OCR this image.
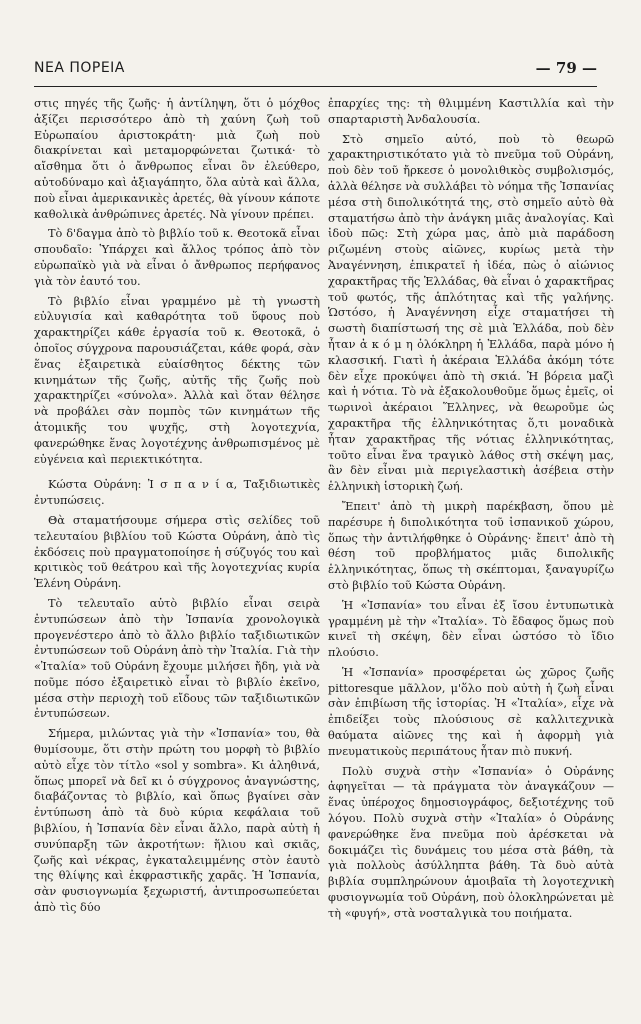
ΝΕΑ ΠΟΡΕΙΑ	— 79 —

στις πηγές τῆς ζωῆς· ἡ ἀντίληψη, ὅτι ὁ μόχθος ἀξίζει περισσότερο ἀπὸ τὴ χαύνη ζωὴ τοῦ Εὐρωπαίου ἀριστοκράτη· μιὰ ζωὴ ποὺ διακρίνεται καὶ μεταμορφώνεται ζωτικά· τὸ αἴσθημα ὅτι ὁ ἄνθρωπος εἶναι ὃν ἐλεύθερο, αὐτοδύναμο καὶ ἀξιαγάπητο, ὅλα αὐτὰ καὶ ἄλλα, ποὺ εἶναι ἀμερικανικὲς ἀρετές, θὰ γίνουν κάποτε καθολικὰ ἀνθρώπινες ἀρετές. Νὰ γίνουν πρέπει.

Τὸ δ'δαγμα ἀπὸ τὸ βιβλίο τοῦ κ. Θεοτοκᾶ εἶναι σπουδαῖο: Ὑπάρχει καὶ ἄλλος τρόπος ἀπὸ τὸν εὐρωπαϊκὸ γιὰ νὰ εἶναι ὁ ἄνθρωπος περήφανος γιὰ τὸν ἑαυτό του.

Τὸ βιβλίο εἶναι γραμμένο μὲ τὴ γνωστὴ εὐλυγισία καὶ καθαρότητα τοῦ ὕφους ποὺ χαρακτηρίζει κάθε ἐργασία τοῦ κ. Θεοτοκᾶ, ὁ ὁποῖος σύγχρονα παρουσιάζεται, κάθε φορά, σὰν ἕνας ἐξαιρετικὰ εὐαίσθητος δέκτης τῶν κινημάτων τῆς ζωῆς, αὐτῆς τῆς ζωῆς ποὺ χαρακτηρίζει «σύνολα». Ἀλλὰ καὶ ὅταν θέλησε νὰ προβάλει σὰν πομπὸς τῶν κινημάτων τῆς ἀτομικῆς του ψυχῆς, στὴ λογοτεχνία, φανερώθηκε ἕνας λογοτέχνης ἀνθρωπισμένος μὲ εὐγένεια καὶ περιεκτικότητα.

Κώστα Οὐράνη: Ἰ σ π α ν ί α, Ταξιδιωτικὲς ἐντυπώσεις.

Θὰ σταματήσουμε σήμερα στὶς σελίδες τοῦ τελευταίου βιβλίου τοῦ Κώστα Οὐράνη, ἀπὸ τὶς ἐκδόσεις ποὺ πραγματοποίησε ἡ σύζυγός του καὶ κριτικὸς τοῦ θεάτρου καὶ τῆς λογοτεχνίας κυρία Ἑλένη Οὐράνη.

Τὸ τελευταῖο αὐτὸ βιβλίο εἶναι σειρὰ ἐντυπώσεων ἀπὸ τὴν Ἰσπανία χρονολογικὰ προγενέστερο ἀπὸ τὸ ἄλλο βιβλίο ταξιδιωτικῶν ἐντυπώσεων τοῦ Οὐράνη ἀπὸ τὴν Ἰταλία. Γιὰ τὴν «Ἰταλία» τοῦ Οὐράνη ἔχουμε μιλήσει ἤδη, γιὰ νὰ ποῦμε πόσο ἐξαιρετικὸ εἶναι τὸ βιβλίο ἐκεῖνο, μέσα στὴν περιοχὴ τοῦ εἴδους τῶν ταξιδιωτικῶν ἐντυπώσεων.

Σήμερα, μιλώντας γιὰ τὴν «Ἰσπανία» του, θὰ θυμίσουμε, ὅτι στὴν πρώτη του μορφὴ τὸ βιβλίο αὐτὸ εἶχε τὸν τίτλο «sol y sombra». Κι ἀληθινά, ὅπως μπορεῖ νὰ δεῖ κι ὁ σύγχρονος ἀναγνώστης, διαβάζοντας τὸ βιβλίο, καὶ ὅπως βγαίνει σὰν ἐντύπωση ἀπὸ τὰ δυὸ κύρια κεφάλαια τοῦ βιβλίου, ἡ Ἰσπανία δὲν εἶναι ἄλλο, παρὰ αὐτὴ ἡ συνύπαρξη τῶν ἀκροτήτων: ἥλιου καὶ σκιᾶς, ζωῆς καὶ νέκρας, ἐγκαταλειμμένης στὸν ἑαυτὸ της θλίψης καὶ ἐκφραστικῆς χαρᾶς. Ἡ Ἰσπανία, σὰν φυσιογνωμία ξεχωριστή, ἀντιπροσωπεύεται ἀπὸ τὶς δύο

ἐπαρχίες της: τὴ θλιμμένη Καστιλλία καὶ τὴν σπαρταριστὴ Ἀνδαλουσία.

Στὸ σημεῖο αὐτό, ποὺ τὸ θεωρῶ χαρακτηριστικότατο γιὰ τὸ πνεῦμα τοῦ Οὐράνη, ποὺ δὲν τοῦ ἤρκεσε ὁ μονολιθικὸς συμβολισμός, ἀλλὰ θέλησε νὰ συλλάβει τὸ νόημα τῆς Ἰσπανίας μέσα στὴ διπολικότητά της, στὸ σημεῖο αὐτὸ θὰ σταματήσω ἀπὸ τὴν ἀνάγκη μιᾶς ἀναλογίας. Καὶ ἰδοὺ πῶς: Στὴ χώρα μας, ἀπὸ μιὰ παράδοση ριζωμένη στοὺς αἰῶνες, κυρίως μετὰ τὴν Ἀναγέννηση, ἐπικρατεῖ ἡ ἰδέα, πὼς ὁ αἰώνιος χαρακτῆρας τῆς Ἑλλάδας, θὰ εἶναι ὁ χαρακτῆρας τοῦ φωτός, τῆς ἁπλότητας καὶ τῆς γαλήνης. Ὡστόσο, ἡ Ἀναγέννηση εἶχε σταματήσει τὴ σωστὴ διαπίστωσή της σὲ μιὰ Ἑλλάδα, ποὺ δὲν ἦταν ἀ κ ό μ η ὁλόκληρη ἡ Ἑλλάδα, παρὰ μόνο ἡ κλασσική. Γιατὶ ἡ ἀκέραια Ἑλλάδα ἀκόμη τότε δὲν εἶχε προκύψει ἀπὸ τὴ σκιά. Ἡ βόρεια μαζὶ καὶ ἡ νότια. Τὸ νὰ ἐξακολουθοῦμε ὅμως ἐμεῖς, οἱ τωρινοὶ ἀκέραιοι Ἕλληνες, νὰ θεωροῦμε ὡς χαρακτῆρα τῆς ἑλληνικότητας ὅ,τι μοναδικὰ ἦταν χαρακτῆρας τῆς νότιας ἑλληνικότητας, τοῦτο εἶναι ἕνα τραγικὸ λάθος στὴ σκέψη μας, ἂν δὲν εἶναι μιὰ περιγελαστικὴ ἀσέβεια στὴν ἑλληνικὴ ἱστορικὴ ζωή.

Ἔπειτ' ἀπὸ τὴ μικρὴ παρέκβαση, ὅπου μὲ παρέσυρε ἡ διπολικότητα τοῦ ἰσπανικοῦ χώρου, ὅπως τὴν ἀντιλήφθηκε ὁ Οὐράνης· ἔπειτ' ἀπὸ τὴ θέση τοῦ προβλήματος μιᾶς διπολικῆς ἑλληνικότητας, ὅπως τὴ σκέπτομαι, ξαναγυρίζω στὸ βιβλίο τοῦ Κώστα Οὐράνη.

Ἡ «Ἰσπανία» του εἶναι ἐξ ἴσου ἐντυπωτικὰ γραμμένη μὲ τὴν «Ἰταλία». Τὸ ἔδαφος ὅμως ποὺ κινεῖ τὴ σκέψη, δὲν εἶναι ὡστόσο τὸ ἴδιο πλούσιο.

Ἡ «Ἰσπανία» προσφέρεται ὡς χῶρος ζωῆς pittoresque μᾶλλον, μ'ὅλο ποὺ αὐτὴ ἡ ζωὴ εἶναι σὰν ἐπιβίωση τῆς ἱστορίας. Ἡ «Ἰταλία», εἶχε νὰ ἐπιδείξει τοὺς πλούσιους σὲ καλλιτεχνικὰ θαύματα αἰῶνες της καὶ ἡ ἀφορμὴ γιὰ πνευματικοὺς περιπάτους ἦταν πιὸ πυκνή.

Πολὺ συχνὰ στὴν «Ἰσπανία» ὁ Οὐράνης ἀφηγεῖται — τὰ πράγματα τὸν ἀναγκάζουν — ἕνας ὑπέροχος δημοσιογράφος, δεξιοτέχνης τοῦ λόγου. Πολὺ συχνὰ στὴν «Ἰταλία» ὁ Οὐράνης φανερώθηκε ἕνα πνεῦμα ποὺ ἀρέσκεται νὰ δοκιμάζει τὶς δυνάμεις του μέσα στὰ βάθη, τὰ γιὰ πολλοὺς ἀσύλληπτα βάθη. Τὰ δυὸ αὐτὰ βιβλία συμπληρώνουν ἁμοιβαῖα τὴ λογοτεχνικὴ φυσιογνωμία τοῦ Οὐράνη, ποὺ ὁλοκληρώνεται μὲ τὴ «φυγή», στὰ νοσταλγικὰ του ποιήματα.
